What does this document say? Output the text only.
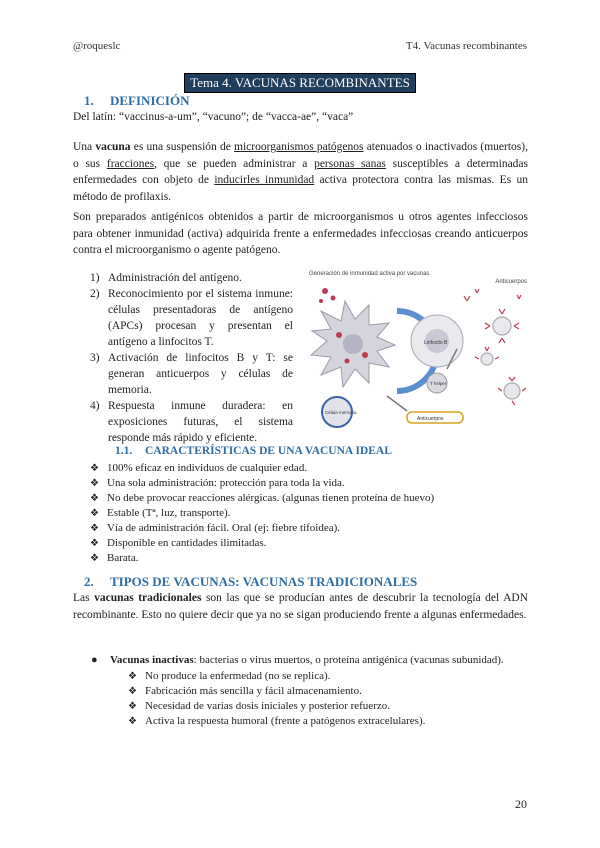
@roqueslc	T4. Vacunas recombinantes
Tema 4. VACUNAS RECOMBINANTES
1. DEFINICIÓN
Del latín: “vaccinus-a-um”, “vacuno”; de “vacca-ae”, “vaca”
Una vacuna es una suspensión de microorganismos patógenos atenuados o inactivados (muertos), o sus fracciones, que se pueden administrar a personas sanas susceptibles a determinadas enfermedades con objeto de inducirles inmunidad activa protectora contra las mismas. Es un método de profilaxis.
Son preparados antigénicos obtenidos a partir de microorganismos u otros agentes infecciosos para obtener inmunidad (activa) adquirida frente a enfermedades infecciosas creando anticuerpos contra el microorganismo o agente patógeno.
1) Administración del antígeno.
2) Reconocimiento por el sistema inmune: células presentadoras de antígeno (APCs) procesan y presentan el antígeno a linfocitos T.
3) Activación de linfocitos B y T: se generan anticuerpos y células de memoria.
4) Respuesta inmune duradera: en exposiciones futuras, el sistema responde más rápido y eficiente.
Generación de inmunidad activa por vacunas
Anticuerpos
Linfocito B
T helper
Célula memoria
Anticuerpos
1.1. CARACTERÍSTICAS DE UNA VACUNA IDEAL
❖ 100% eficaz en individuos de cualquier edad.
❖ Una sola administración: protección para toda la vida.
❖ No debe provocar reacciones alérgicas. (algunas tienen proteína de huevo)
❖ Estable (Tª, luz, transporte).
❖ Vía de administración fácil. Oral (ej: fiebre tifoidea).
❖ Disponible en cantidades ilimitadas.
❖ Barata.
2. TIPOS DE VACUNAS: VACUNAS TRADICIONALES
Las vacunas tradicionales son las que se producían antes de descubrir la tecnología del ADN recombinante. Esto no quiere decir que ya no se sigan produciendo frente a algunas enfermedades.
● Vacunas inactivas: bacterias o virus muertos, o proteína antigénica (vacunas subunidad).
❖ No produce la enfermedad (no se replica).
❖ Fabricación más sencilla y fácil almacenamiento.
❖ Necesidad de varias dosis iniciales y posterior refuerzo.
❖ Activa la respuesta humoral (frente a patógenos extracelulares).
20
